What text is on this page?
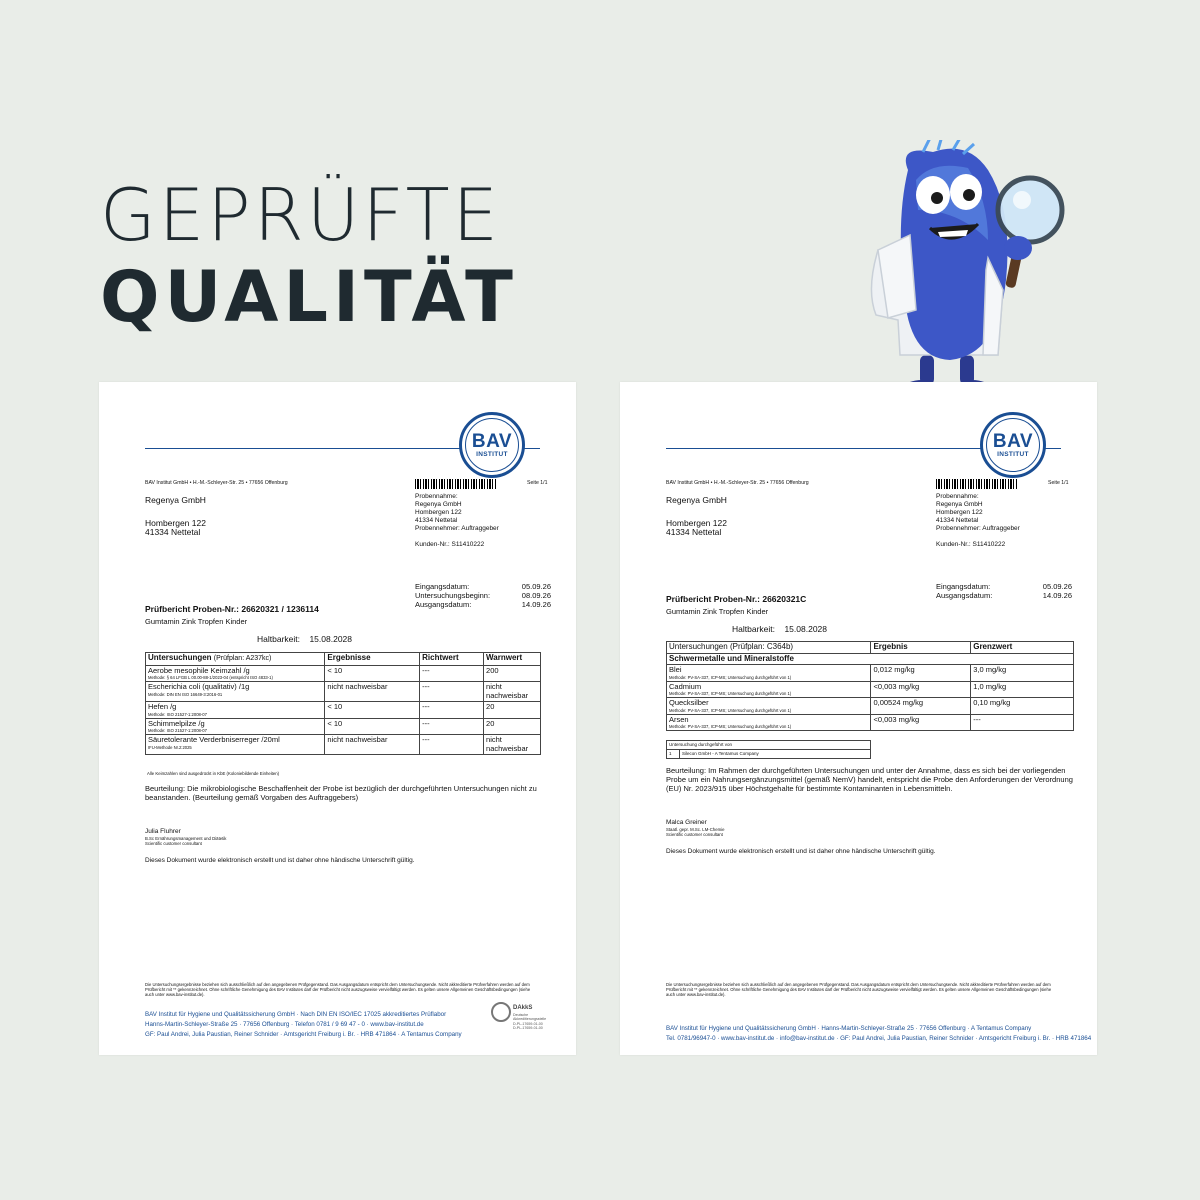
GEPRÜFTE
QUALITÄT
BAV
INSTITUT
BAV Institut GmbH • H.-M.-Schleyer-Str. 25 • 77656 Offenburg	Seite 1/1
Regenya GmbH
Hombergen 122
41334 Nettetal
Probennahme:
Regenya GmbH
Hombergen 122
41334 Nettetal
Probennehmer: Auftraggeber
Kunden-Nr.: S11410222
Eingangsdatum:	05.09.26
Untersuchungsbeginn:	08.09.26
Ausgangsdatum:	14.09.26
Prüfbericht Proben-Nr.: 26620321 / 1236114
Gumtamin Zink Tropfen Kinder
Haltbarkeit: 15.08.2028
Untersuchungen (Prüfplan: A237kc)	Ergebnisse	Richtwert	Warnwert
Aerobe mesophile Keimzahl /g
Methode: § 64 LFGB L 00.00-88-1/2023-04 (entspricht ISO 4833-1)	< 10	---	200
Escherichia coli (qualitativ) /1g
Methode: DIN EN ISO 16649-3:2016-01	nicht nachweisbar	---	nicht nachweisbar
Hefen /g
Methode: ISO 21527-1:2008-07	< 10	---	20
Schimmelpilze /g
Methode: ISO 21527-1:2008-07	< 10	---	20
Säuretolerante Verderbniserreger /20ml
IFU-Methode Nr.2:2025	nicht nachweisbar	---	nicht nachweisbar
Alle Keimzahlen sind ausgedrückt in KbE (Koloniebildende Einheiten)
Beurteilung: Die mikrobiologische Beschaffenheit der Probe ist bezüglich der durchgeführten Untersuchungen nicht zu beanstanden. (Beurteilung gemäß Vorgaben des Auftraggebers)
Julia Fluhrer
B.Sc Ernährungsmanagement und Diätetik
Scientific customer consultant
Dieses Dokument wurde elektronisch erstellt und ist daher ohne händische Unterschrift gültig.
Die Untersuchungsergebnisse beziehen sich ausschließlich auf den angegebenen Prüfgegenstand. Das Ausgangsdatum entspricht dem Untersuchungsende. Nicht akkreditierte Prüfverfahren werden auf dem Prüfbericht mit ** gekennzeichnet. Ohne schriftliche Genehmigung des BAV Institutes darf der Prüfbericht nicht auszugsweise vervielfältigt werden. Es gelten unsere Allgemeinen Geschäftsbedingungen (siehe auch unter www.bav-institut.de).
BAV Institut für Hygiene und Qualitätssicherung GmbH · Nach DIN EN ISO/IEC 17025 akkreditiertes Prüflabor
Hanns-Martin-Schleyer-Straße 25 · 77656 Offenburg · Telefon 0781 / 9 69 47 - 0 · www.bav-institut.de
GF: Paul Andrei, Julia Paustian, Reiner Schnider · Amtsgericht Freiburg i. Br. · HRB 471864 · A Tentamus Company
DAkkS
Deutsche
Akkreditierungsstelle
D-PL-17659-01-00
D-PL-17659-01-00
BAV
INSTITUT
BAV Institut GmbH • H.-M.-Schleyer-Str. 25 • 77656 Offenburg	Seite 1/1
Regenya GmbH
Hombergen 122
41334 Nettetal
Probennahme:
Regenya GmbH
Hombergen 122
41334 Nettetal
Probennehmer: Auftraggeber
Kunden-Nr.: S11410222
Eingangsdatum:	05.09.26
Ausgangsdatum:	14.09.26
Prüfbericht Proben-Nr.: 26620321C
Gumtamin Zink Tropfen Kinder
Haltbarkeit: 15.08.2028
Untersuchungen (Prüfplan: C364b)	Ergebnis	Grenzwert
Schwermetalle und Mineralstoffe		
Blei
Methode: PV-SA-337, ICP-MS; Untersuchung durchgeführt von 1)	0,012 mg/kg	3,0 mg/kg
Cadmium
Methode: PV-SA-337, ICP-MS; Untersuchung durchgeführt von 1)	<0,003 mg/kg	1,0 mg/kg
Quecksilber
Methode: PV-SA-337, ICP-MS; Untersuchung durchgeführt von 1)	0,00524 mg/kg	0,10 mg/kg
Arsen
Methode: PV-SA-337, ICP-MS; Untersuchung durchgeführt von 1)	<0,003 mg/kg	---
Untersuchung durchgeführt von
1	Silecon GmbH - A Tentamus Company
Beurteilung: Im Rahmen der durchgeführten Untersuchungen und unter der Annahme, dass es sich bei der vorliegenden Probe um ein Nahrungsergänzungsmittel (gemäß NemV) handelt, entspricht die Probe den Anforderungen der Verordnung (EU) Nr. 2023/915 über Höchstgehalte für bestimmte Kontaminanten in Lebensmitteln.
Malca Greiner
Staatl. gepr. M.Sc. LM-Chemie
Scientific customer consultant
Dieses Dokument wurde elektronisch erstellt und ist daher ohne händische Unterschrift gültig.
Die Untersuchungsergebnisse beziehen sich ausschließlich auf den angegebenen Prüfgegenstand. Das Ausgangsdatum entspricht dem Untersuchungsende. Nicht akkreditierte Prüfverfahren werden auf dem Prüfbericht mit ** gekennzeichnet. Ohne schriftliche Genehmigung des BAV Institutes darf der Prüfbericht nicht auszugsweise vervielfältigt werden. Es gelten unsere Allgemeinen Geschäftsbedingungen (siehe auch unter www.bav-institut.de).
BAV Institut für Hygiene und Qualitätssicherung GmbH · Hanns-Martin-Schleyer-Straße 25 · 77656 Offenburg · A Tentamus Company
Tel. 0781/96947-0 · www.bav-institut.de · info@bav-institut.de · GF: Paul Andrei, Julia Paustian, Reiner Schnider · Amtsgericht Freiburg i. Br. · HRB 471864
